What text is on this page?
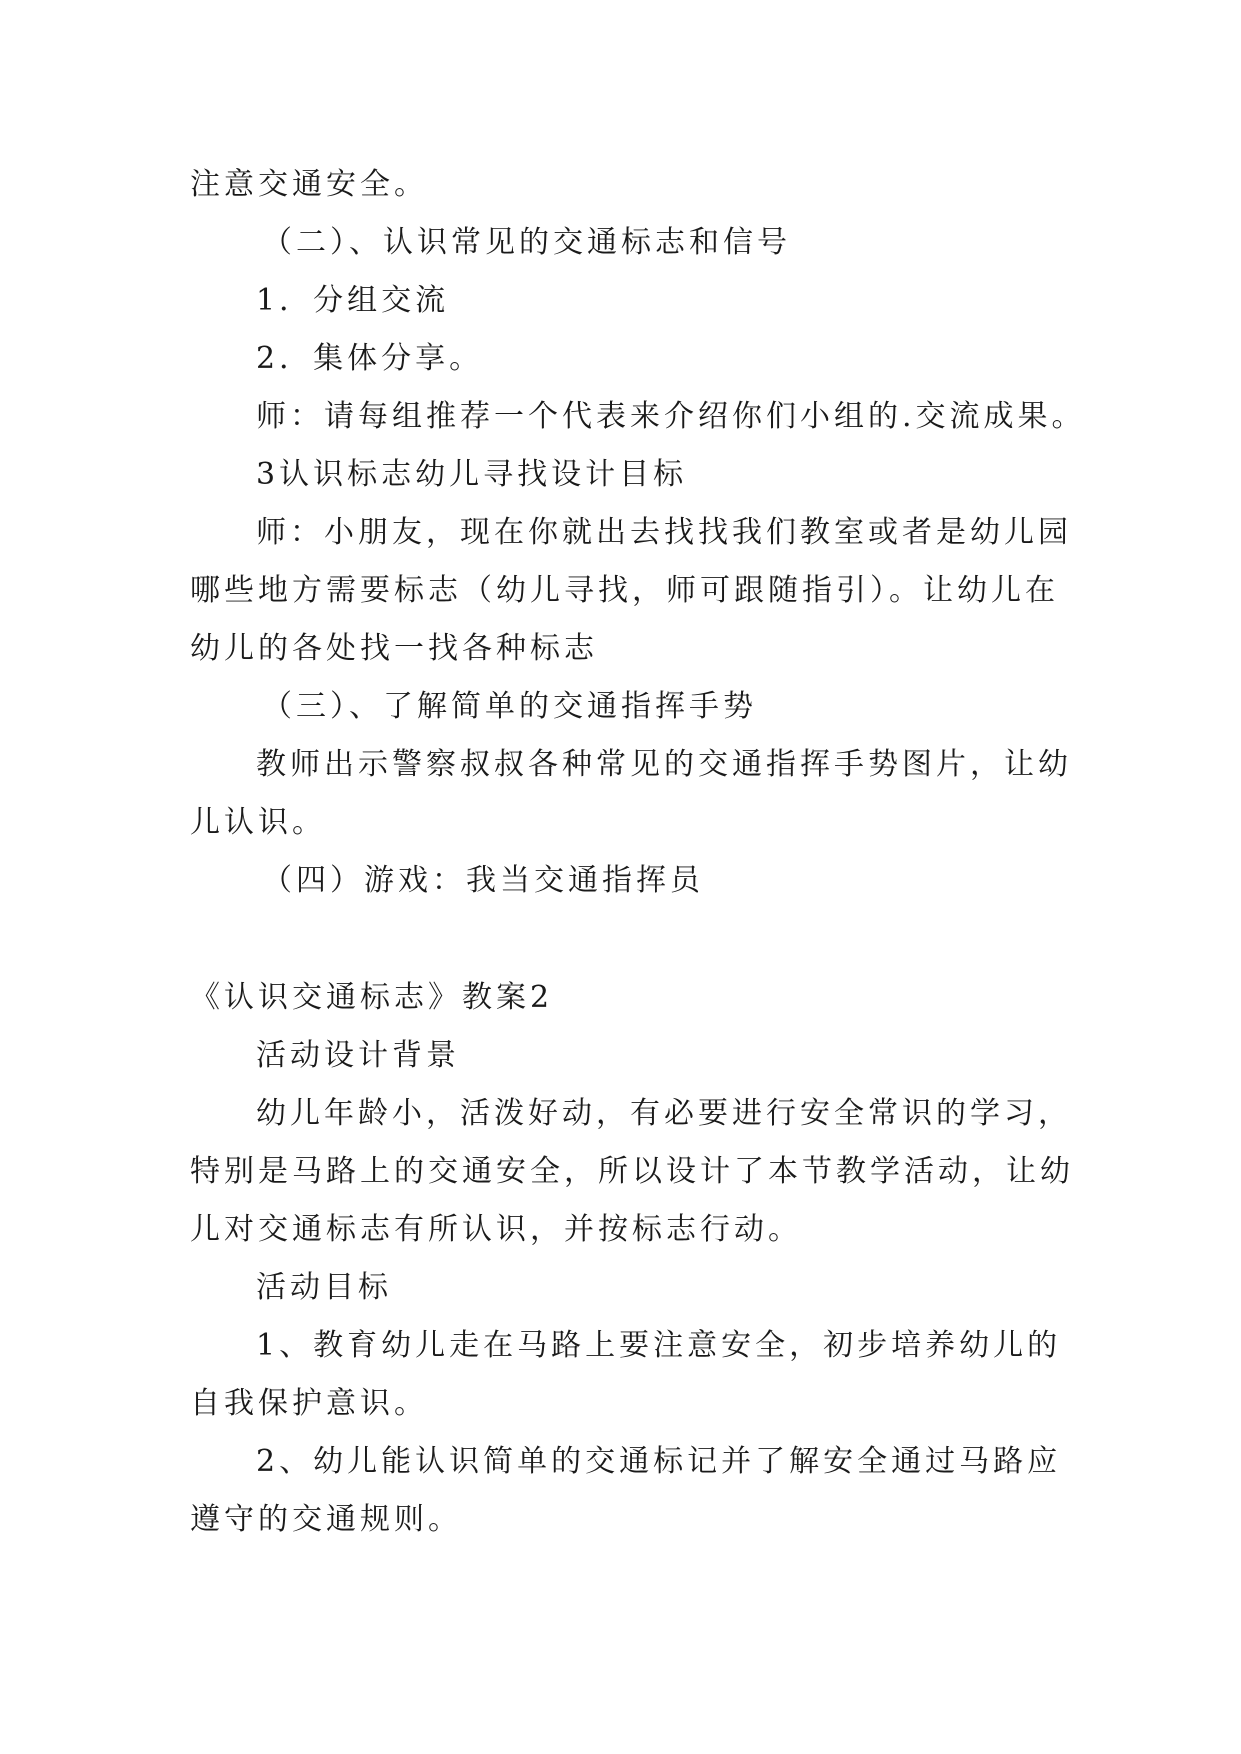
注意交通安全。

（二）、认识常见的交通标志和信号

1．分组交流

2．集体分享。

师：请每组推荐一个代表来介绍你们小组的.交流成果。

3认识标志幼儿寻找设计目标

师：小朋友，现在你就出去找找我们教室或者是幼儿园

哪些地方需要标志（幼儿寻找，师可跟随指引）。让幼儿在

幼儿的各处找一找各种标志

（三）、了解简单的交通指挥手势

教师出示警察叔叔各种常见的交通指挥手势图片，让幼

儿认识。

（四）游戏：我当交通指挥员

《认识交通标志》教案2

活动设计背景

幼儿年龄小，活泼好动，有必要进行安全常识的学习，

特别是马路上的交通安全，所以设计了本节教学活动，让幼

儿对交通标志有所认识，并按标志行动。

活动目标

1、教育幼儿走在马路上要注意安全，初步培养幼儿的

自我保护意识。

2、幼儿能认识简单的交通标记并了解安全通过马路应

遵守的交通规则。
